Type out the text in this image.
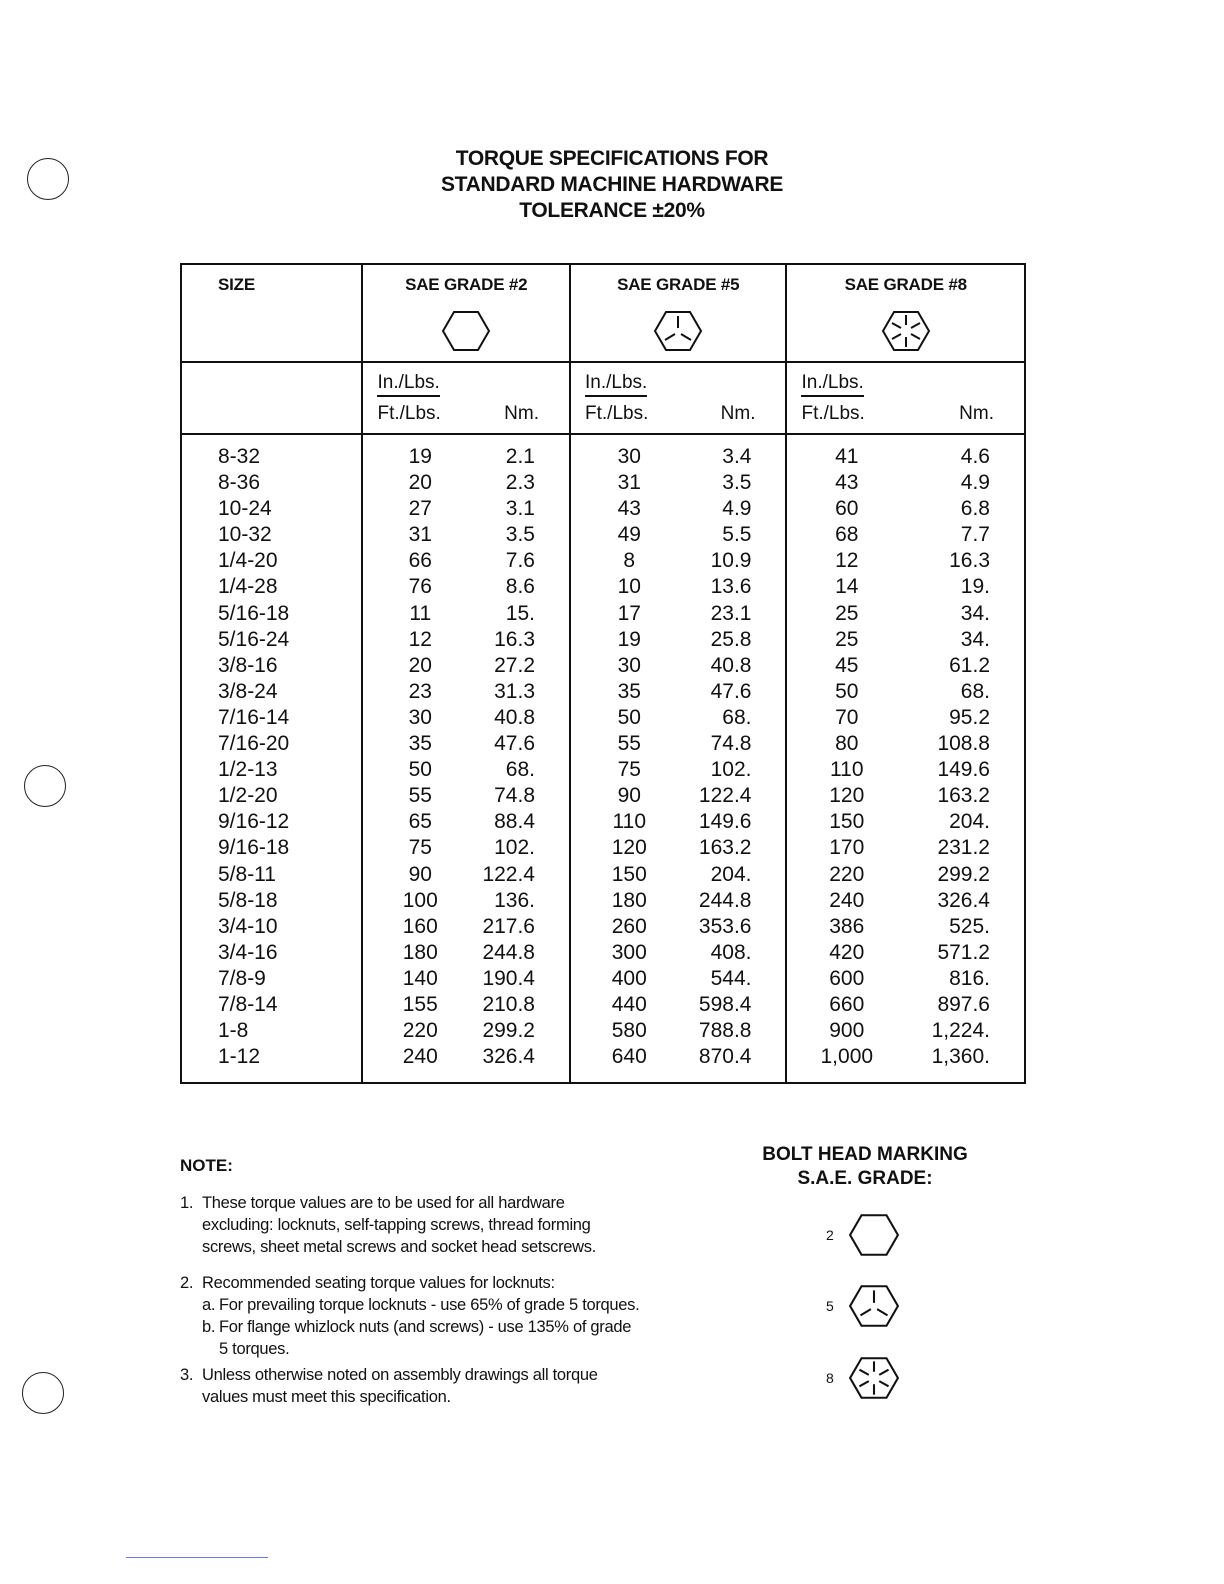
TORQUE SPECIFICATIONS FOR
STANDARD MACHINE HARDWARE
TOLERANCE ±20%
SIZE	SAE GRADE #2		SAE GRADE #5		SAE GRADE #8	

	In./Lbs.
Ft./Lbs. Nm.		In./Lbs.
Ft./Lbs. Nm.		In./Lbs.
Ft./Lbs. Nm.	

8-32	19	2.1	30	3.4	41	4.6
8-36	20	2.3	31	3.5	43	4.9
10-24	27	3.1	43	4.9	60	6.8
10-32	31	3.5	49	5.5	68	7.7
1/4-20	66	7.6	8	10.9	12	16.3
1/4-28	76	8.6	10	13.6	14	19.
5/16-18	11	15.	17	23.1	25	34.
5/16-24	12	16.3	19	25.8	25	34.
3/8-16	20	27.2	30	40.8	45	61.2
3/8-24	23	31.3	35	47.6	50	68.
7/16-14	30	40.8	50	68.	70	95.2
7/16-20	35	47.6	55	74.8	80	108.8
1/2-13	50	68.	75	102.	110	149.6
1/2-20	55	74.8	90	122.4	120	163.2
9/16-12	65	88.4	110	149.6	150	204.
9/16-18	75	102.	120	163.2	170	231.2
5/8-11	90	122.4	150	204.	220	299.2
5/8-18	100	136.	180	244.8	240	326.4
3/4-10	160	217.6	260	353.6	386	525.
3/4-16	180	244.8	300	408.	420	571.2
7/8-9	140	190.4	400	544.	600	816.
7/8-14	155	210.8	440	598.4	660	897.6
1-8	220	299.2	580	788.8	900	1,224.
1-12	240	326.4	640	870.4	1,000	1,360.
NOTE:
1. These torque values are to be used for all hardware excluding: locknuts, self-tapping screws, thread forming screws, sheet metal screws and socket head setscrews.
2. Recommended seating torque values for locknuts:
a. For prevailing torque locknuts - use 65% of grade 5 torques.
b. For flange whizlock nuts (and screws) - use 135% of grade 5 torques.
3. Unless otherwise noted on assembly drawings all torque values must meet this specification.
BOLT HEAD MARKING
S.A.E. GRADE:
2
5
8
